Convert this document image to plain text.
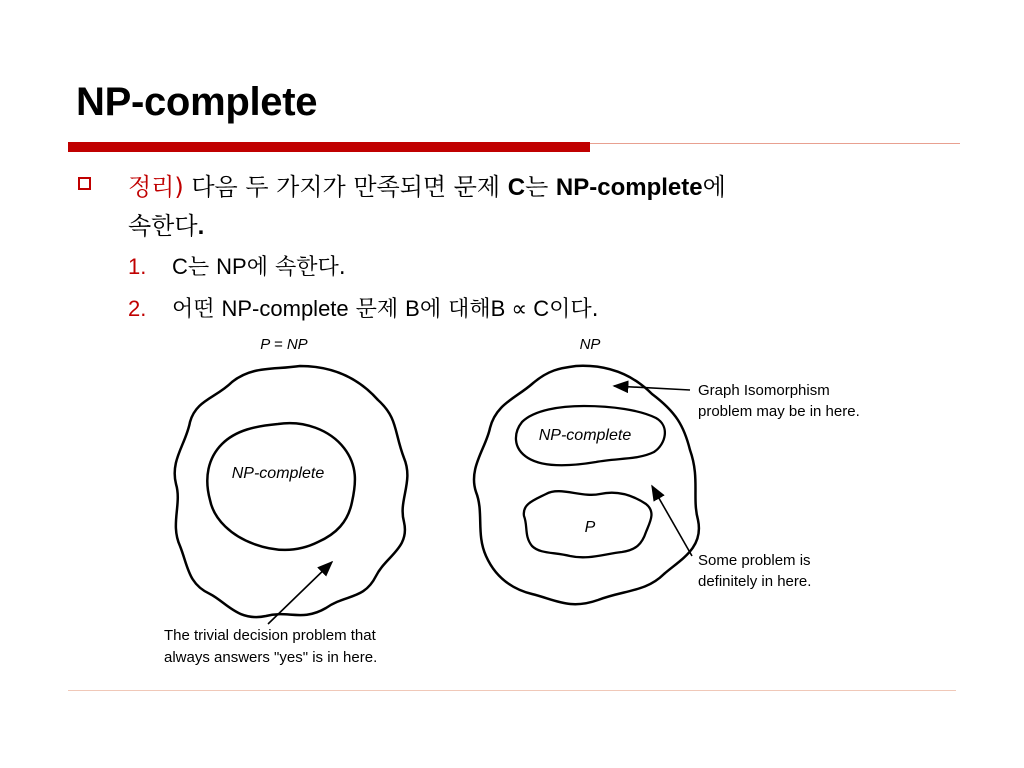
NP-complete
정리) 다음 두 가지가 만족되면 문제 C는 NP-complete에
속한다.
1. C는 NP에 속한다.
2. 어떤 NP-complete 문제 B에 대해B ∝ C이다.
P = NP
NP-complete
The trivial decision problem that
always answers "yes" is in here.
NP
NP-complete
P
Graph Isomorphism
problem may be in here.
Some problem is
definitely in here.
